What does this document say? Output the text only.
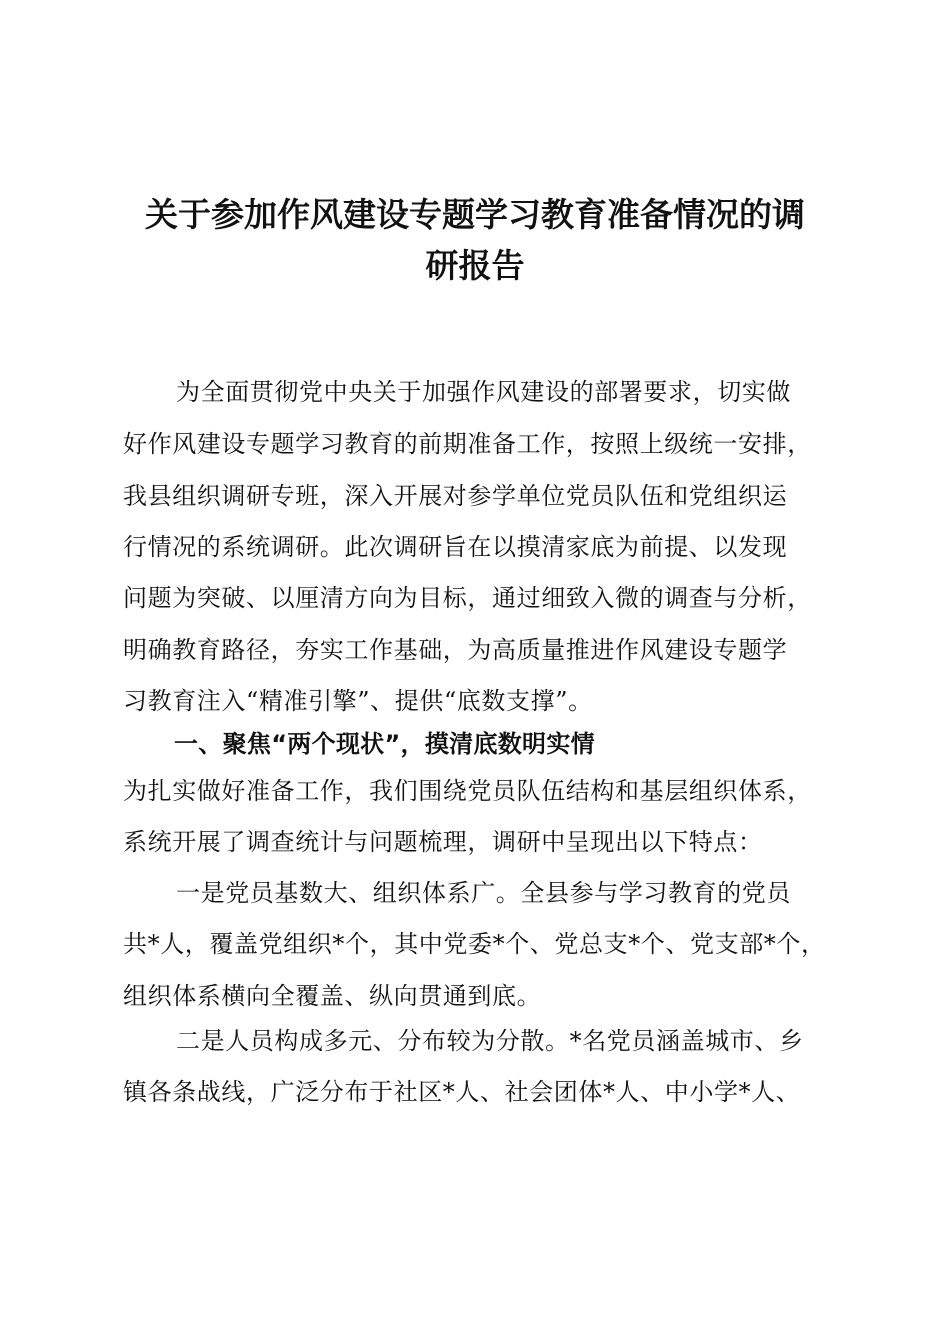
关于参加作风建设专题学习教育准备情况的调
研报告
为全面贯彻党中央关于加强作风建设的部署要求，切实做
好作风建设专题学习教育的前期准备工作，按照上级统一安排，
我县组织调研专班，深入开展对参学单位党员队伍和党组织运
行情况的系统调研。此次调研旨在以摸清家底为前提、以发现
问题为突破、以厘清方向为目标，通过细致入微的调查与分析，
明确教育路径，夯实工作基础，为高质量推进作风建设专题学
习教育注入“精准引擎”、提供“底数支撑”。
一、聚焦“两个现状”，摸清底数明实情
为扎实做好准备工作，我们围绕党员队伍结构和基层组织体系，
系统开展了调查统计与问题梳理，调研中呈现出以下特点：
一是党员基数大、组织体系广。全县参与学习教育的党员
共*人，覆盖党组织*个，其中党委*个、党总支*个、党支部*个，
组织体系横向全覆盖、纵向贯通到底。
二是人员构成多元、分布较为分散。*名党员涵盖城市、乡
镇各条战线，广泛分布于社区*人、社会团体*人、中小学*人、
